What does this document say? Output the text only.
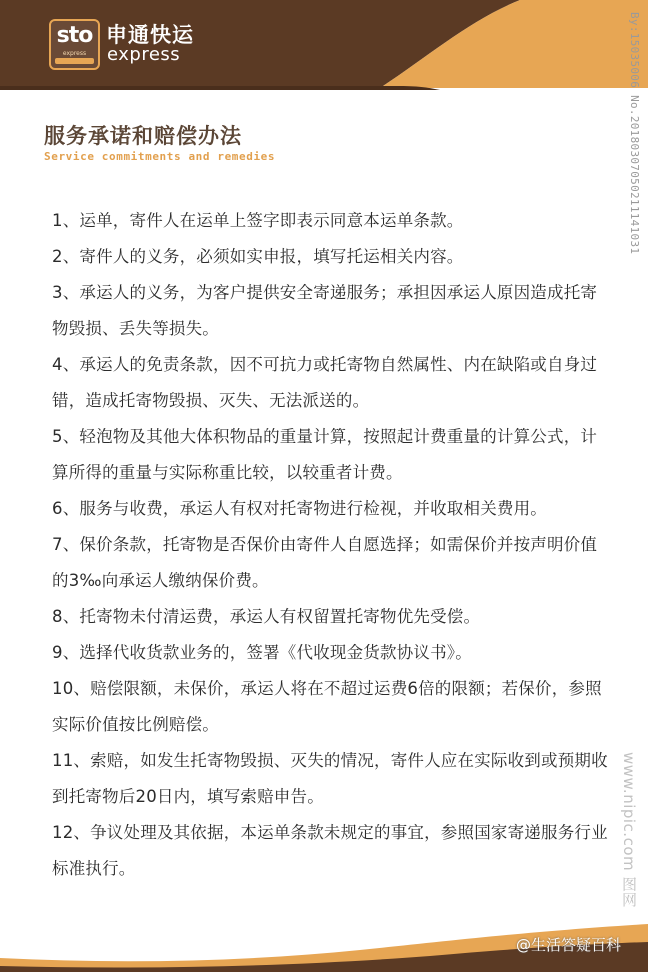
sto
express
申通快运
express	By:15035006 No.20180307050211141031
www.nipic.com 图网
服务承诺和赔偿办法
Service commitments and remedies
1、运单，寄件人在运单上签字即表示同意本运单条款。
2、寄件人的义务，必须如实申报，填写托运相关内容。
3、承运人的义务，为客户提供安全寄递服务；承担因承运人原因造成托寄物毁损、丢失等损失。
4、承运人的免责条款，因不可抗力或托寄物自然属性、内在缺陷或自身过错，造成托寄物毁损、灭失、无法派送的。
5、轻泡物及其他大体积物品的重量计算，按照起计费重量的计算公式，计算所得的重量与实际称重比较，以较重者计费。
6、服务与收费，承运人有权对托寄物进行检视，并收取相关费用。
7、保价条款，托寄物是否保价由寄件人自愿选择；如需保价并按声明价值的3‰向承运人缴纳保价费。
8、托寄物未付清运费，承运人有权留置托寄物优先受偿。
9、选择代收货款业务的，签署《代收现金货款协议书》。
10、赔偿限额，未保价，承运人将在不超过运费6倍的限额；若保价，参照实际价值按比例赔偿。
11、索赔，如发生托寄物毁损、灭失的情况，寄件人应在实际收到或预期收到托寄物后20日内，填写索赔申告。
12、争议处理及其依据，本运单条款未规定的事宜，参照国家寄递服务行业标准执行。
@生活答疑百科
